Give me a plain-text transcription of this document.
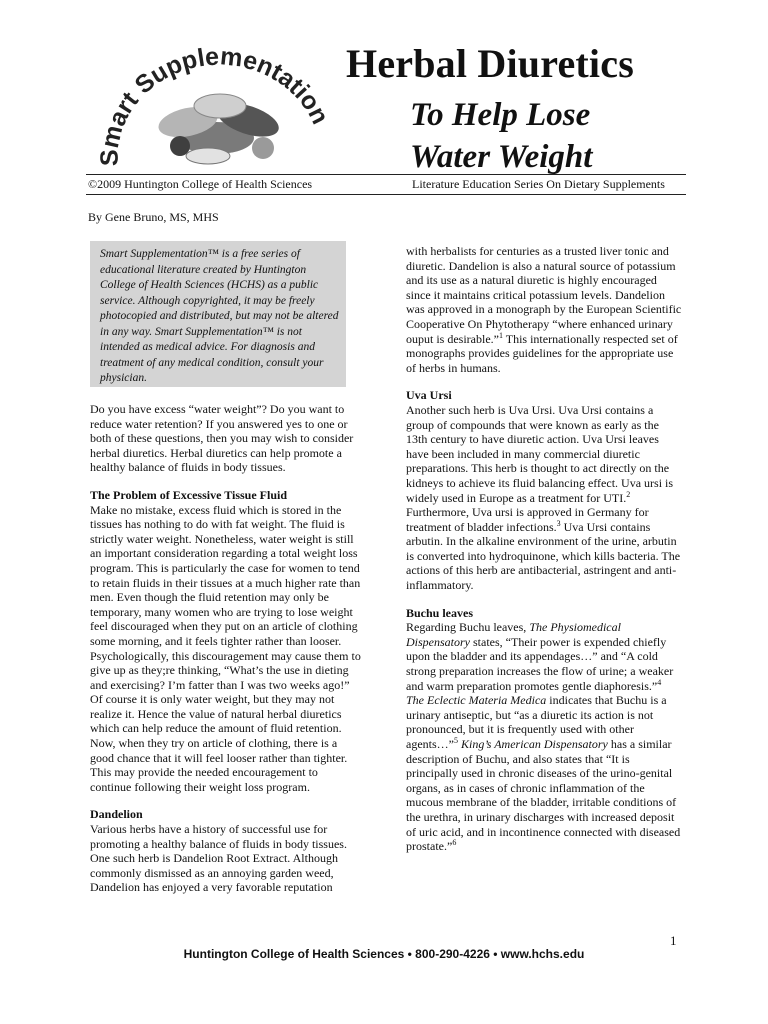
Smart Supplementation
Herbal Diuretics
To Help Lose
Water Weight
©2009 Huntington College of Health Sciences	Literature Education Series On Dietary Supplements
By Gene Bruno, MS, MHS
Smart Supplementation™ is a free series of educational literature created by Huntington College of Health Sciences (HCHS) as a public service. Although copyrighted, it may be freely photocopied and distributed, but may not be altered in any way. Smart Supplementation™ is not intended as medical advice. For diagnosis and treatment of any medical condition, consult your physician.

Do you have excess “water weight”? Do you want to reduce water retention? If you answered yes to one or both of these questions, then you may wish to consider herbal diuretics. Herbal diuretics can help promote a healthy balance of fluids in body tissues.

The Problem of Excessive Tissue Fluid

Make no mistake, excess fluid which is stored in the tissues has nothing to do with fat weight. The fluid is strictly water weight. Nonetheless, water weight is still an important consideration regarding a total weight loss program. This is particularly the case for women to tend to retain fluids in their tissues at a much higher rate than men. Even though the fluid retention may only be temporary, many women who are trying to lose weight feel discouraged when they put on an article of clothing some morning, and it feels tighter rather than looser. Psychologically, this discouragement may cause them to give up as they;re thinking, “What’s the use in dieting and exercising? I’m fatter than I was two weeks ago!” Of course it is only water weight, but they may not realize it. Hence the value of natural herbal diuretics which can help reduce the amount of fluid retention. Now, when they try on article of clothing, there is a good chance that it will feel looser rather than tighter. This may provide the needed encouragement to continue following their weight loss program.

Dandelion

Various herbs have a history of successful use for promoting a healthy balance of fluids in body tissues. One such herb is Dandelion Root Extract. Although commonly dismissed as an annoying garden weed, Dandelion has enjoyed a very favorable reputation

with herbalists for centuries as a trusted liver tonic and diuretic. Dandelion is also a natural source of potassium and its use as a natural diuretic is highly encouraged since it maintains critical potassium levels. Dandelion was approved in a monograph by the European Scientific Cooperative On Phytotherapy “where enhanced urinary ouput is desirable.”$^1$ This internationally respected set of monographs provides guidelines for the appropriate use of herbs in humans.

Uva Ursi

Another such herb is Uva Ursi. Uva Ursi contains a group of compounds that were known as early as the 13th century to have diuretic action. Uva Ursi leaves have been included in many commercial diuretic preparations. This herb is thought to act directly on the kidneys to achieve its fluid balancing effect. Uva ursi is widely used in Europe as a treatment for UTI.$^2$ Furthermore, Uva ursi is approved in Germany for treatment of bladder infections.$^3$ Uva Ursi contains arbutin. In the alkaline environment of the urine, arbutin is converted into hydroquinone, which kills bacteria. The actions of this herb are antibacterial, astringent and anti-inflammatory.

Buchu leaves

Regarding Buchu leaves, The Physiomedical Dispensatory states, “Their power is expended chiefly upon the bladder and its appendages…” and “A cold strong preparation increases the flow of urine; a weaker and warm preparation promotes gentle diaphoresis.”$^4$ The Eclectic Materia Medica indicates that Buchu is a urinary antiseptic, but “as a diuretic its action is not pronounced, but it is frequently used with other agents…”$^5$ King’s American Dispensatory has a similar description of Buchu, and also states that “It is principally used in chronic diseases of the urino-genital organs, as in cases of chronic inflammation of the mucous membrane of the bladder, irritable conditions of the urethra, in urinary discharges with increased deposit of uric acid, and in incontinence connected with diseased prostate.”$^6$

1
Huntington College of Health Sciences • 800-290-4226 • www.hchs.edu
